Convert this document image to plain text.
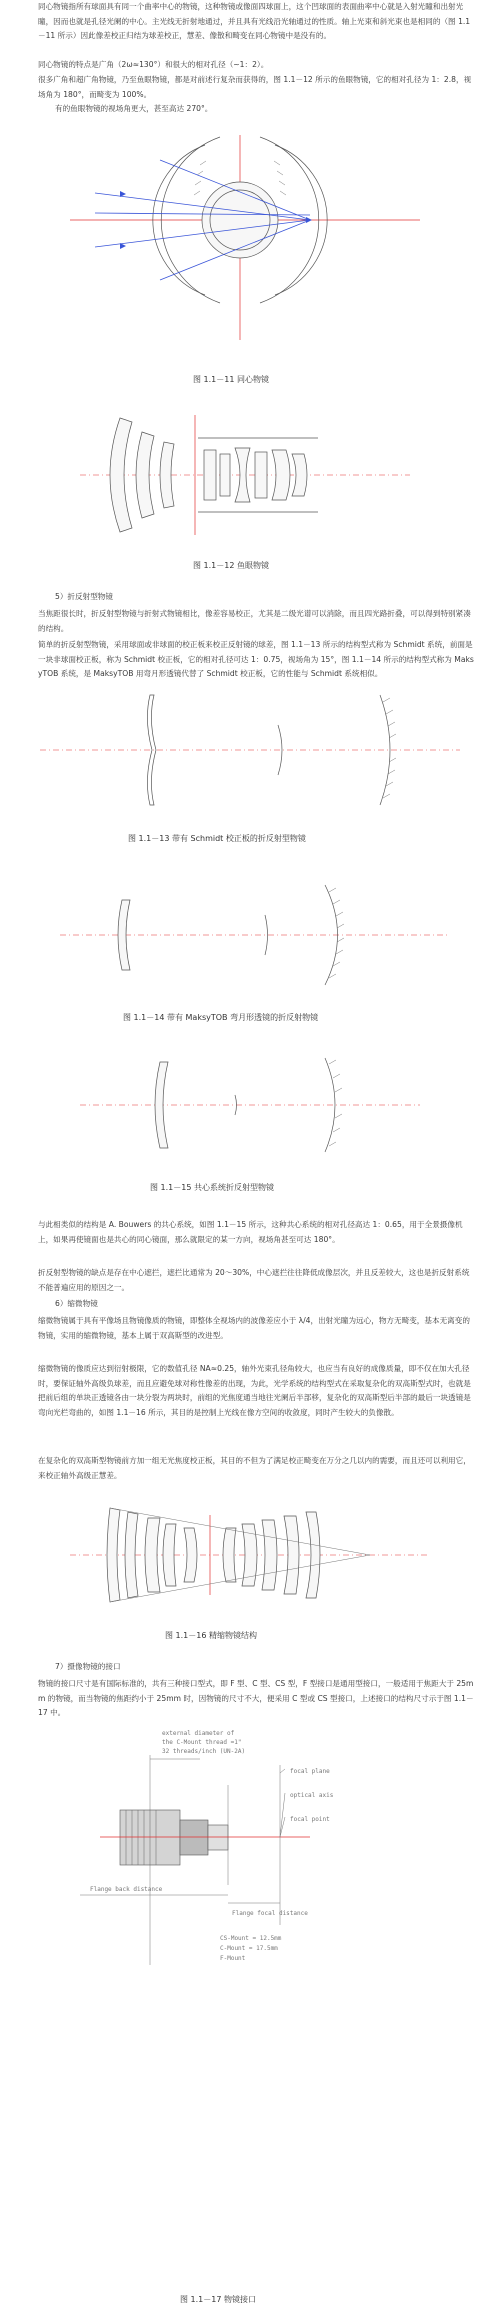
同心物镜指所有球面具有同一个曲率中心的物镜，这种物镜或像面四球面上，这个凹球面的表面曲率中心就是入射光瞳和出射光瞳，因而也就是孔径光阑的中心。主光线无折射地通过，并且具有光线沿光轴通过的性质。轴上光束和斜光束也是相同的（图 1.1－11 所示）因此像差校正归结为球差校正，慧差、像散和畸变在同心物镜中是没有的。
同心物镜的特点是广角（2ω≈130°）和很大的相对孔径（~1：2）。
很多广角和超广角物镜，乃至鱼眼物镜，都是对前述行复杂而获得的，图 1.1－12 所示的鱼眼物镜，它的相对孔径为 1：2.8，视场角为 180°，而畸变为 100%。
有的鱼眼物镜的视场角更大，甚至高达 270°。
图 1.1－11 同心物镜
图 1.1－12 鱼眼物镜
5）折反射型物镜
当焦距很长时，折反射型物镜与折射式物镜相比，像差容易校正，尤其是二级光谱可以消除，而且四光路折叠，可以得到特别紧凑的结构。
简单的折反射型物镜，采用球面或非球面的校正板来校正反射镜的球差，图 1.1－13 所示的结构型式称为 Schmidt 系统，前面是一块非球面校正板，称为 Schmidt 校正板，它的相对孔径可达 1：0.75，视场角为 15°，图 1.1－14 所示的结构型式称为 MaksyTOB 系统，是 MaksyTOB 用弯月形透镜代替了 Schmidt 校正板，它的性能与 Schmidt 系统相似。
图 1.1－13 带有 Schmidt 校正板的折反射型物镜
图 1.1－14 带有 MaksyTOB 弯月形透镜的折反射物镜
图 1.1－15 共心系统折反射型物镜
与此相类似的结构是 A. Bouwers 的共心系统，如图 1.1－15 所示，这种共心系统的相对孔径高达 1：0.65，用于全景摄像机上，如果再使镜面也是共心的同心镜面，那么就限定的某一方向，视场角甚至可达 180°。
折反射型物镜的缺点是存在中心遮拦，遮拦比通常为 20～30%，中心遮拦往往降低成像层次，并且反差较大，这也是折反射系统不能普遍应用的原因之一。
6）缩微物镜
缩微物镜属于具有平像场且物镜像质的物镜，即整体全视场内的波像差应小于 λ/4，出射光瞳为远心，物方无畸变，基本无离变的物镜，实用的缩微物镜，基本上属于双高斯型的改进型。
缩微物镜的像质应达到衍射极限，它的数值孔径 NA≈0.25，轴外光束孔径角较大，也应当有良好的成像质量，即不仅在加大孔径时，要保证轴外高级负球差，而且应避免球对称性像差的出现，为此，光学系统的结构型式在采取复杂化的双高斯型式时，也就是把前后组的单块正透镜各由一块分裂为两块时，前组的光焦度通当地往光阑后半部移，复杂化的双高斯型后半部的最后一块透镜是弯向光栏弯曲的，如图 1.1－16 所示，其目的是控制上光线在像方空间的收敛度，同时产生较大的负像散。
在复杂化的双高斯型物镜前方加一组无光焦度校正板，其目的不但为了满足校正畸变在万分之几以内的需要，而且还可以利用它，来校正轴外高级正慧差。
图 1.1－16 精缩物镜结构
7）摄像物镜的接口
物镜的接口尺寸是有国际标准的，共有三种接口型式，即 F 型、C 型、CS 型，F 型接口是通用型接口，一般适用于焦距大于 25mm 的物镜，而当物镜的焦距约小于 25mm 时，因物镜的尺寸不大，便采用 C 型或 CS 型接口，上述接口的结构尺寸示于图 1.1－17 中。
external diameter of
the C-Mount thread =1"
32 threads/inch (UN-2A)
focal plane
optical axis
focal point
Flange back distance
Flange focal distance
CS-Mount = 12.5mm
C-Mount = 17.5mm
F-Mount
图 1.1－17 物镜接口
